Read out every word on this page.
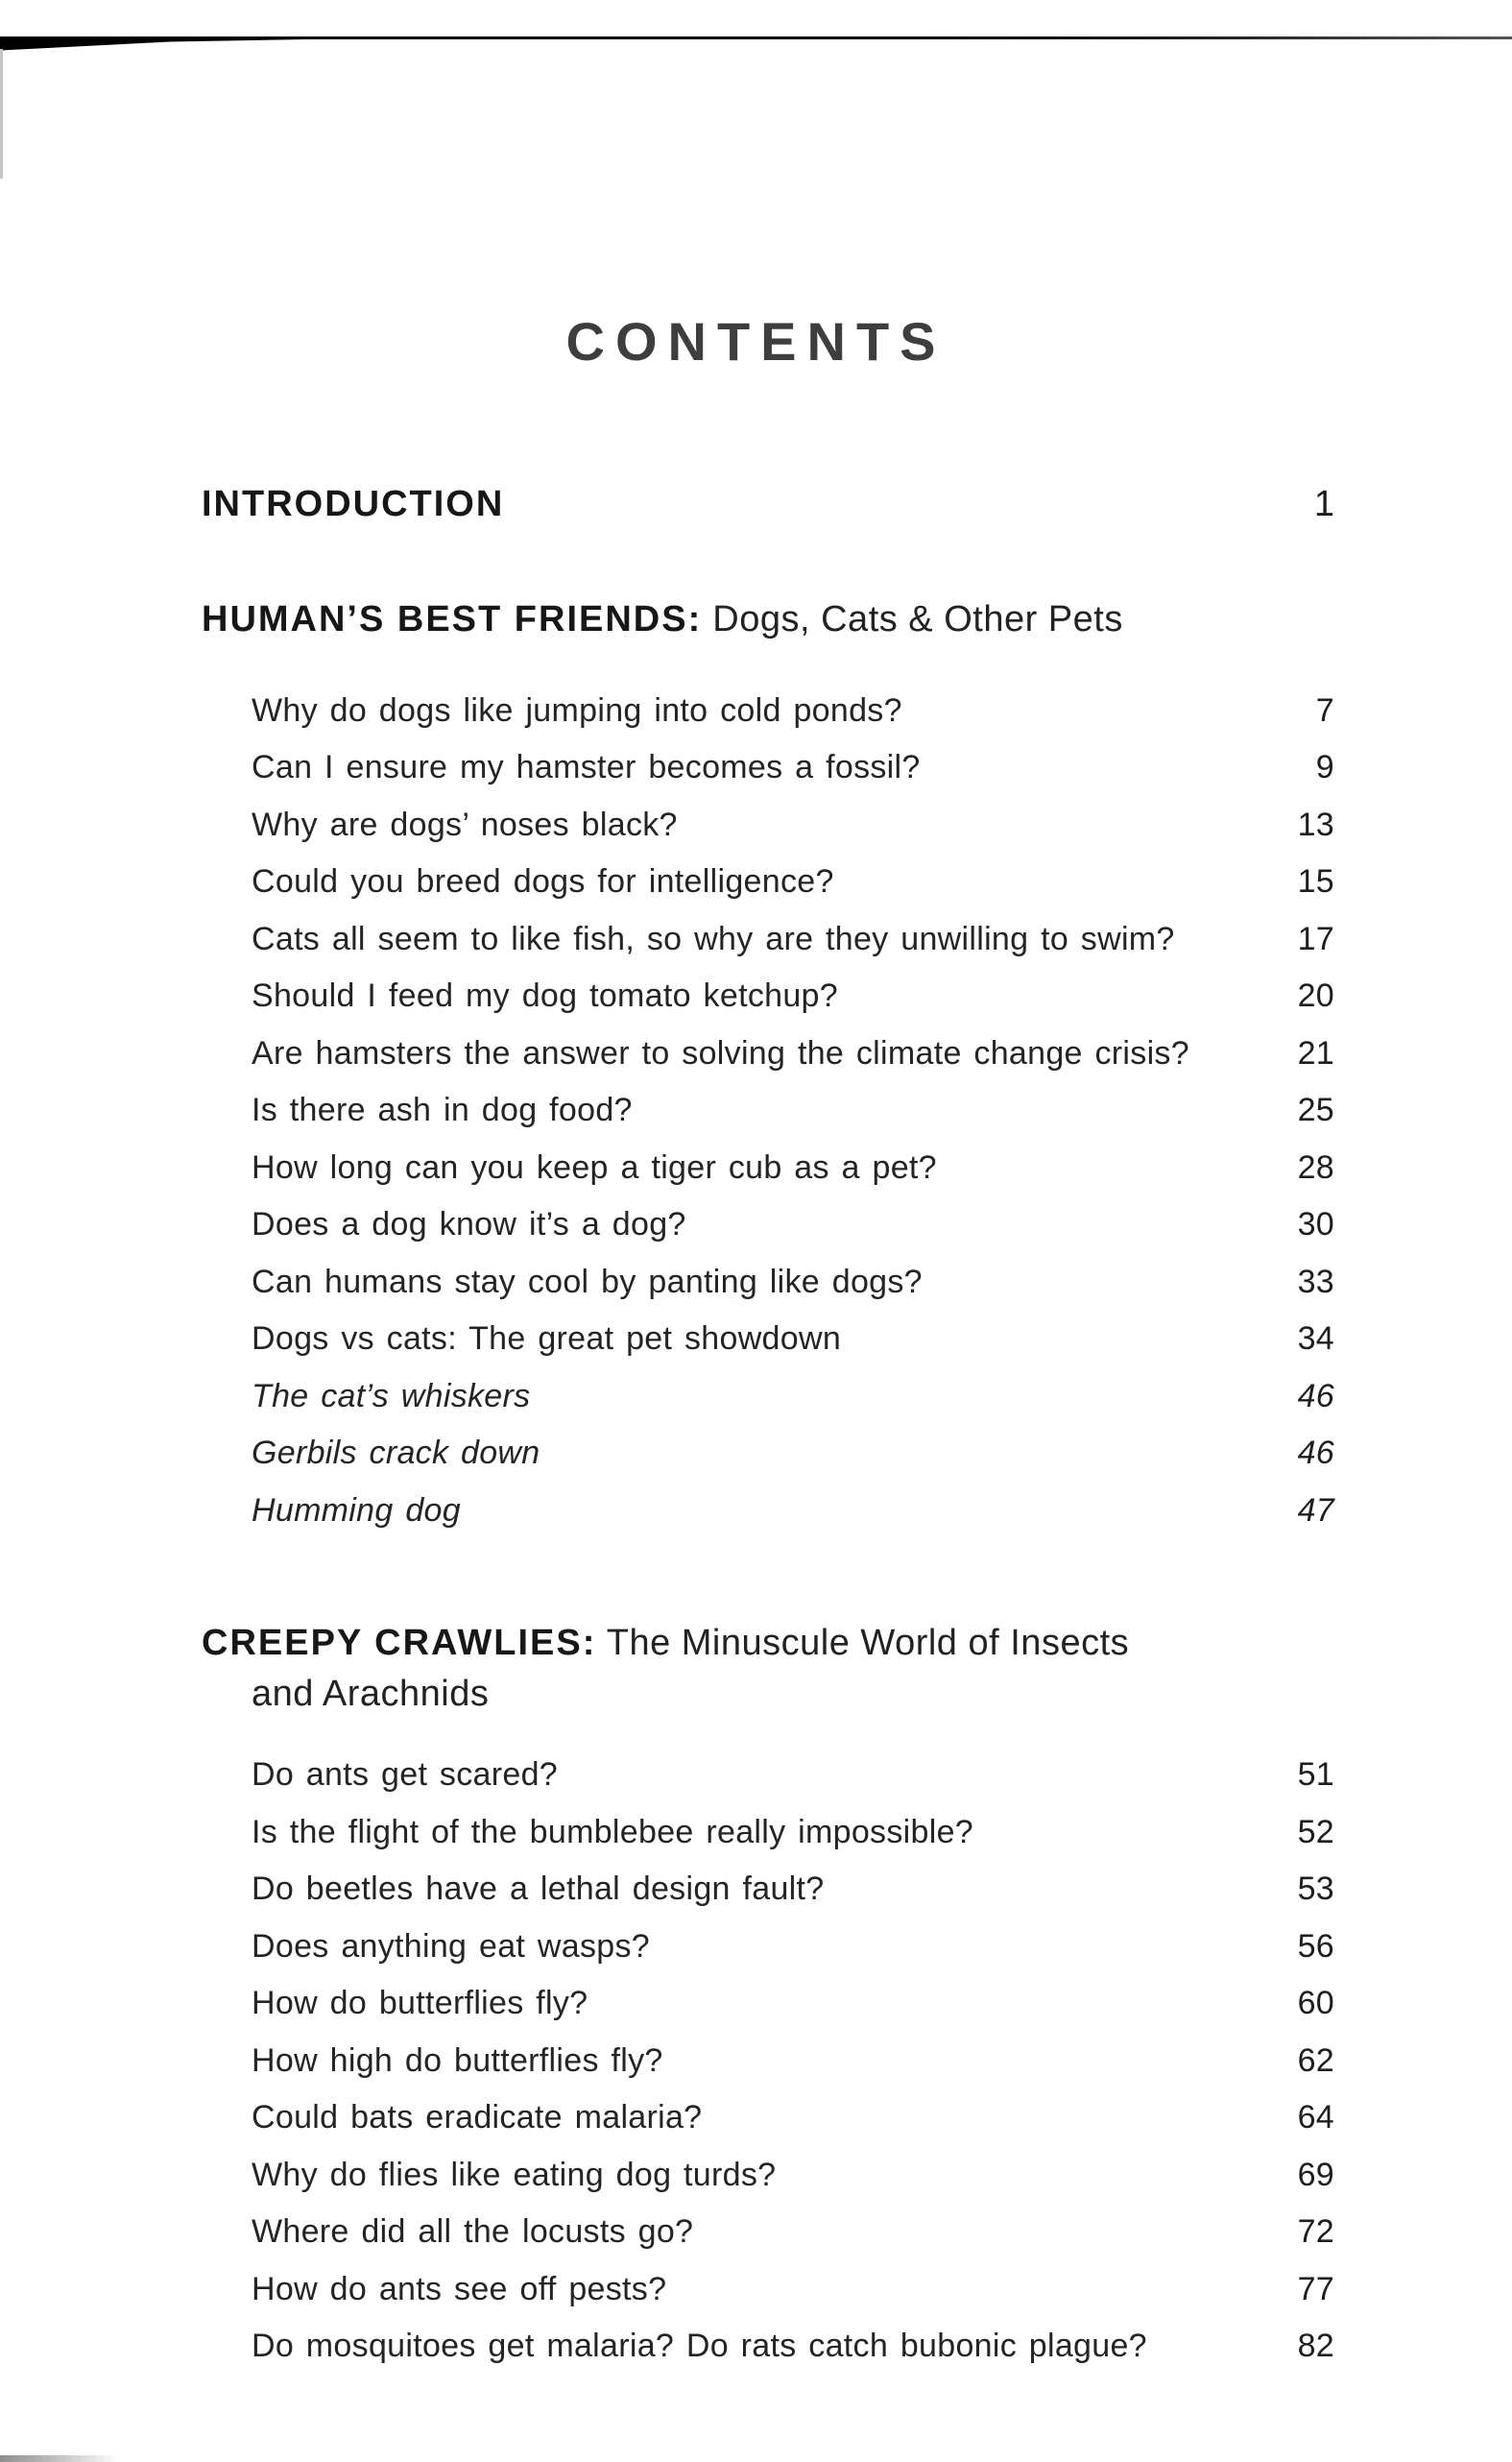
CONTENTS
INTRODUCTION	1
HUMAN’S BEST FRIENDS: Dogs, Cats & Other Pets
Why do dogs like jumping into cold ponds?	7
Can I ensure my hamster becomes a fossil?	9
Why are dogs’ noses black?	13
Could you breed dogs for intelligence?	15
Cats all seem to like fish, so why are they unwilling to swim?	17
Should I feed my dog tomato ketchup?	20
Are hamsters the answer to solving the climate change crisis?	21
Is there ash in dog food?	25
How long can you keep a tiger cub as a pet?	28
Does a dog know it’s a dog?	30
Can humans stay cool by panting like dogs?	33
Dogs vs cats: The great pet showdown	34
The cat’s whiskers	46
Gerbils crack down	46
Humming dog	47
CREEPY CRAWLIES: The Minuscule World of Insects
and Arachnids
Do ants get scared?	51
Is the flight of the bumblebee really impossible?	52
Do beetles have a lethal design fault?	53
Does anything eat wasps?	56
How do butterflies fly?	60
How high do butterflies fly?	62
Could bats eradicate malaria?	64
Why do flies like eating dog turds?	69
Where did all the locusts go?	72
How do ants see off pests?	77
Do mosquitoes get malaria? Do rats catch bubonic plague?	82
